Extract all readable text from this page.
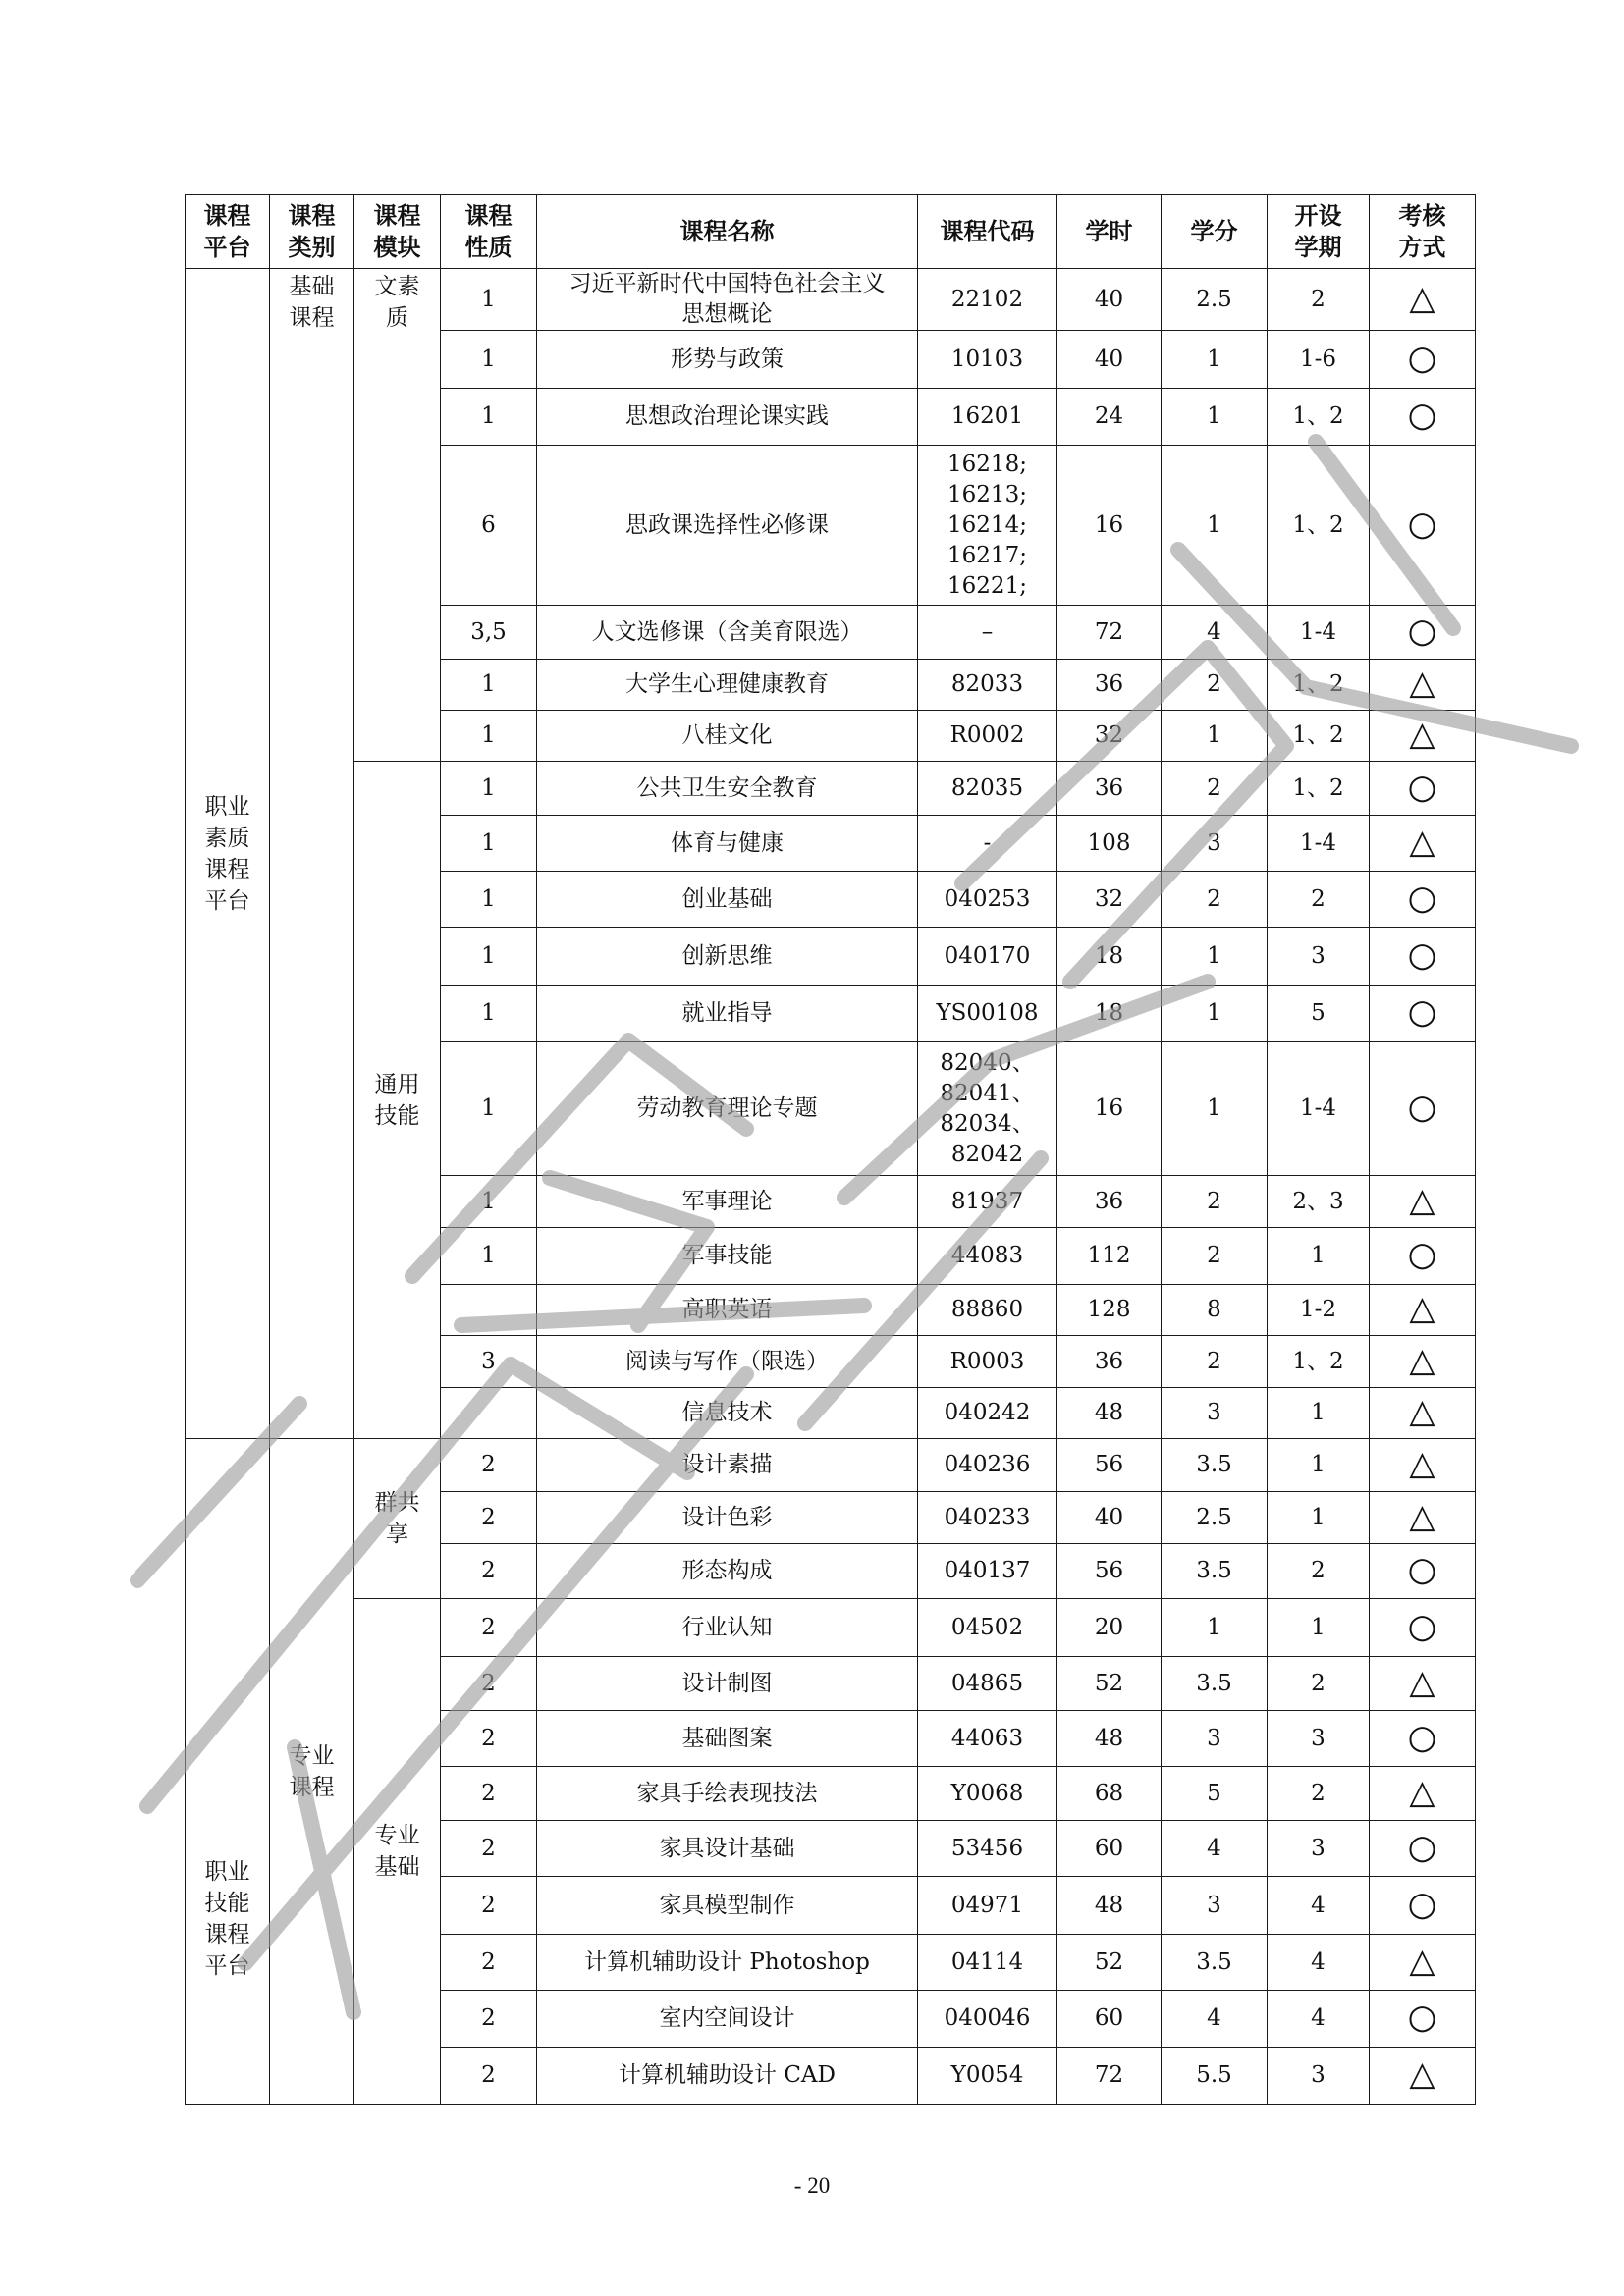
课程平台	课程类别	课程模块	课程性质	课程名称	课程代码	学时	学分	开设学期	考核方式
职业素质课程平台	基础课程	文素质	1	习近平新时代中国特色社会主义思想概论	22102	40	2.5	2	△
			1	形势与政策	10103	40	1	1-6	○
			1	思想政治理论课实践	16201	24	1	1、2	○
			6	思政课选择性必修课	16218;
16213;
16214;
16217;
16221;	16	1	1、2	○
			3,5	人文选修课（含美育限选）	–	72	4	1-4	○
			1	大学生心理健康教育	82033	36	2	1、2	△
			1	八桂文化	R0002	32	1	1、2	△
		通用技能	1	公共卫生安全教育	82035	36	2	1、2	○
			1	体育与健康	-	108	3	1-4	△
			1	创业基础	040253	32	2	2	○
			1	创新思维	040170	18	1	3	○
			1	就业指导	YS00108	18	1	5	○
			1	劳动教育理论专题	82040、
82041、
82034、
82042	16	1	1-4	○
			1	军事理论	81937	36	2	2、3	△
			1	军事技能	44083	112	2	1	○
				高职英语	88860	128	8	1-2	△
			3	阅读与写作（限选）	R0003	36	2	1、2	△
				信息技术	040242	48	3	1	△
职业技能课程平台	专业课程	群共享	2	设计素描	040236	56	3.5	1	△
			2	设计色彩	040233	40	2.5	1	△
			2	形态构成	040137	56	3.5	2	○
		专业基础	2	行业认知	04502	20	1	1	○
			2	设计制图	04865	52	3.5	2	△
			2	基础图案	44063	48	3	3	○
			2	家具手绘表现技法	Y0068	68	5	2	△
			2	家具设计基础	53456	60	4	3	○
			2	家具模型制作	04971	48	3	4	○
			2	计算机辅助设计 Photoshop	04114	52	3.5	4	△
			2	室内空间设计	040046	60	4	4	○
			2	计算机辅助设计 CAD	Y0054	72	5.5	3	△
- 20
